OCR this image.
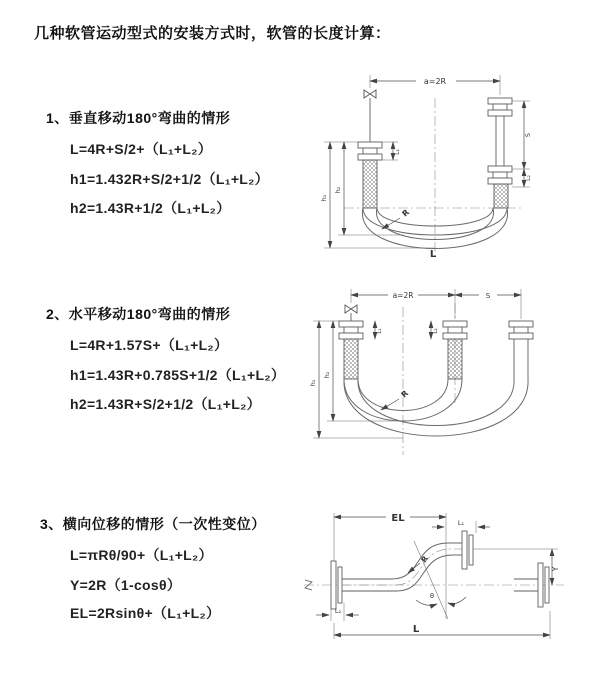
几种软管运动型式的安装方式时，软管的长度计算：
1、垂直移动180°弯曲的情形
L=4R+S/2+（L₁+L₂）
h1=1.432R+S/2+1/2（L₁+L₂）
h2=1.43R+1/2（L₁+L₂）
2、水平移动180°弯曲的情形
L=4R+1.57S+（L₁+L₂）
h1=1.43R+0.785S+1/2（L₁+L₂）
h2=1.43R+S/2+1/2（L₁+L₂）
3、横向位移的情形（一次性变位）
L=πRθ/90+（L₁+L₂）
Y=2R（1-cosθ）
EL=2Rsinθ+（L₁+L₂）
a=2R
h₁
h₂
L₁
S
L₂
R
L
a=2R	S
h₁
h₂
L₁	L₂
R
EL	L₁
Y
θ
R
L₂
L
